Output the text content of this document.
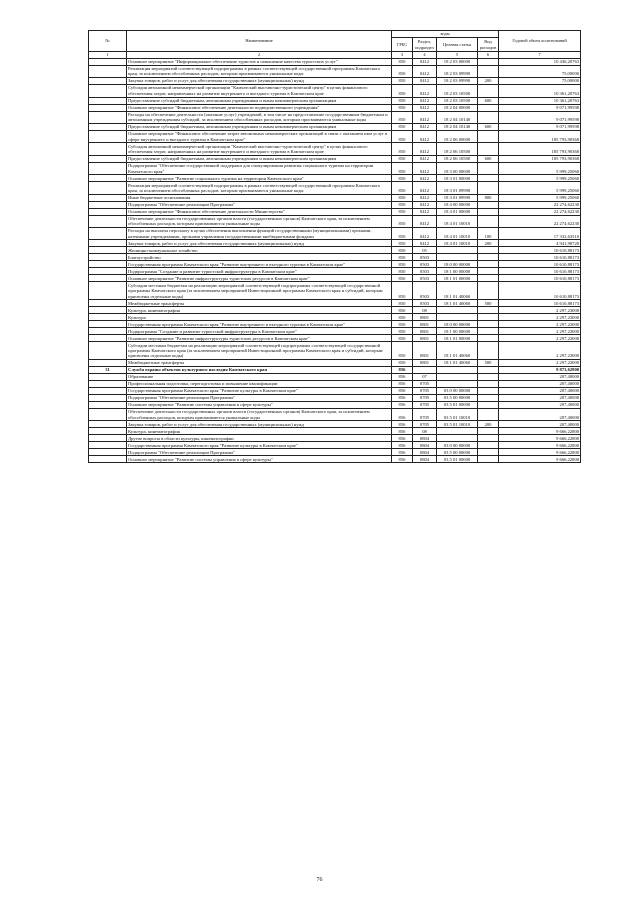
№	Наименование	коды				Годовой объем ассигнований
		ГРБС	Раздел, подраздел	Целевая статья	Вид расходов	
1	2	3	4	5	6	7
	Основное мероприятие "Информационное обеспечение туристов и повышение качества туристских услуг"	850	0412	18 2 03 00000		10 436,20763
	Реализация мероприятий соответствующей подпрограммы в рамках соответствующей государственной программы Камчатского края, за исключением обособленных расходов, которым присваиваются уникальные коды	850	0412	18 2 03 09990		75,00000
	Закупка товаров, работ и услуг для обеспечения государственных (муниципальных) нужд	850	0412	18 2 03 09990	200	75,00000
	Субсидия автономной некоммерческой организации "Камчатский выставочно-туристический центр" в целях финансового обеспечения затрат, направленных на развитие внутреннего и въездного туризма в Камчатском крае	850	0412	18 2 03 10500		10 361,20763
	Предоставление субсидий бюджетным, автономным учреждениям и иным некоммерческим организациям	850	0412	18 2 03 10500	600	10 361,20763
	Основное мероприятие "Финансовое обеспечение деятельности подведомственного учреждения"	850	0412	18 2 04 00000		9 071,99598
	Расходы на обеспечение деятельности (оказание услуг) учреждений, в том числе на предоставление государственным бюджетным и автономным учреждениям субсидий, за исключением обособленных расходов, которым присваиваются уникальные коды	850	0412	18 2 04 10140		9 071,99598
	Предоставление субсидий бюджетным, автономным учреждениям и иным некоммерческим организациям	850	0412	18 2 04 10140	600	9 071,99598
	Основное мероприятие "Финансовое обеспечение затрат автономных некоммерческих организаций в связи с оказанием ими услуг в сфере внутреннего и въездного туризма в Камчатском крае"	850	0412	18 2 06 00000		185 793,90368
	Субсидия автономной некоммерческой организации "Камчатский выставочно-туристический центр" в целях финансового обеспечения затрат, направленных на развитие внутреннего и въездного туризма в Камчатском крае	850	0412	18 2 06 10500		185 793,90368
	Предоставление субсидий бюджетным, автономным учреждениям и иным некоммерческим организациям	850	0412	18 2 06 10500	600	185 793,90368
	Подпрограмма "Обеспечение государственной поддержки для стимулирования развития социального туризма на территории Камчатского края"	850	0412	18 3 00 00000		5 999,25060
	Основное мероприятие "Развитие социального туризма на территории Камчатского края"	850	0412	18 3 01 00000		5 999,25060
	Реализация мероприятий соответствующей подпрограммы в рамках соответствующей государственной программы Камчатского края, за исключением обособленных расходов, которым присваиваются уникальные коды	850	0412	18 3 01 09990		5 999,25060
	Иные бюджетные ассигнования	850	0412	18 3 01 09990	800	5 999,25060
	Подпрограмма "Обеспечение реализации Программы"	850	0412	18 4 00 00000		22 274,62230
	Основное мероприятие "Финансовое обеспечение деятельности Министерства"	850	0412	18 4 01 00000		22 274,62230
	Обеспечение деятельности государственных органов власти (государственных органов) Камчатского края, за исключением обособленных расходов, которым присваиваются уникальные коды	850	0412	18 4 01 10010		22 274,62230
	Расходы на выплаты персоналу в целях обеспечения выполнения функций государственными (муниципальными) органами, казенными учреждениями, органами управления государственными внебюджетными фондами	850	0412	18 4 01 10010	100	17 332,63510
	Закупка товаров, работ и услуг для обеспечения государственных (муниципальных) нужд	850	0412	18 4 01 10010	200	4 941,98720
	Жилищно-коммунальное хозяйство	850	05			10 610,88173
	Благоустройство	850	0503			10 610,88173
	Государственная программа Камчатского края "Развитие внутреннего и въездного туризма в Камчатском крае"	850	0503	18 0 00 00000		10 610,88173
	Подпрограмма "Создание и развитие туристской инфраструктуры в Камчатском крае"	850	0503	18 1 00 00000		10 610,88173
	Основное мероприятие "Развитие инфраструктуры туристских ресурсов в Камчатском крае"	850	0503	18 1 01 00000		10 610,88173
	Субсидии местным бюджетам на реализацию мероприятий соответствующей подпрограммы соответствующей государственной программы Камчатского края (за исключением мероприятий Инвестиционной программы Камчатского края и субсидий, которым присвоены отдельные коды)	850	0503	18 1 01 40060		10 610,88173
	Межбюджетные трансферты	850	0503	18 1 01 40060	500	10 610,88173
	Культура, кинематография	850	08			2 297,23000
	Культура	850	0801			2 297,23000
	Государственная программа Камчатского края "Развитие внутреннего и въездного туризма в Камчатском крае"	850	0801	18 0 00 00000		2 297,23000
	Подпрограмма "Создание и развитие туристской инфраструктуры в Камчатском крае"	850	0801	18 1 00 00000		2 297,23000
	Основное мероприятие "Развитие инфраструктуры туристских ресурсов в Камчатском крае"	850	0801	18 1 01 00000		2 297,23000
	Субсидии местным бюджетам на реализацию мероприятий соответствующей подпрограммы соответствующей государственной программы Камчатского края (за исключением мероприятий Инвестиционной программы Камчатского края и субсидий, которым присвоены отдельные коды)	850	0801	18 1 01 40060		2 297,23000
	Межбюджетные трансферты	850	0801	18 1 01 40060	500	2 297,23000
31	Служба охраны объектов культурного наследия Камчатского края	856				9 873,62800
	Образование	856	07			207,40000
	Профессиональная подготовка, переподготовка и повышение квалификации	856	0705			207,40000
	Государственная программа Камчатского края "Развитие культуры в Камчатском крае"	856	0705	03 0 00 00000		207,40000
	Подпрограмма "Обеспечение реализации Программы"	856	0705	03 5 00 00000		207,40000
	Основное мероприятие "Развитие системы управления в сфере культуры"	856	0705	03 5 01 00000		207,40000
	Обеспечение деятельности государственных органов власти (государственных органов) Камчатского края, за исключением обособленных расходов, которым присваиваются уникальные коды	856	0705	03 5 01 10010		207,40000
	Закупка товаров, работ и услуг для обеспечения государственных (муниципальных) нужд	856	0705	03 5 01 10010	200	207,40000
	Культура, кинематография	856	08			9 666,22800
	Другие вопросы в области культуры, кинематографии	856	0804			9 666,22800
	Государственная программа Камчатского края "Развитие культуры в Камчатском крае"	856	0804	03 0 00 00000		9 666,22800
	Подпрограмма "Обеспечение реализации Программы"	856	0804	03 5 00 00000		9 666,22800
	Основное мероприятие "Развитие системы управления в сфере культуры"	856	0804	03 5 01 00000		9 666,22800
76
